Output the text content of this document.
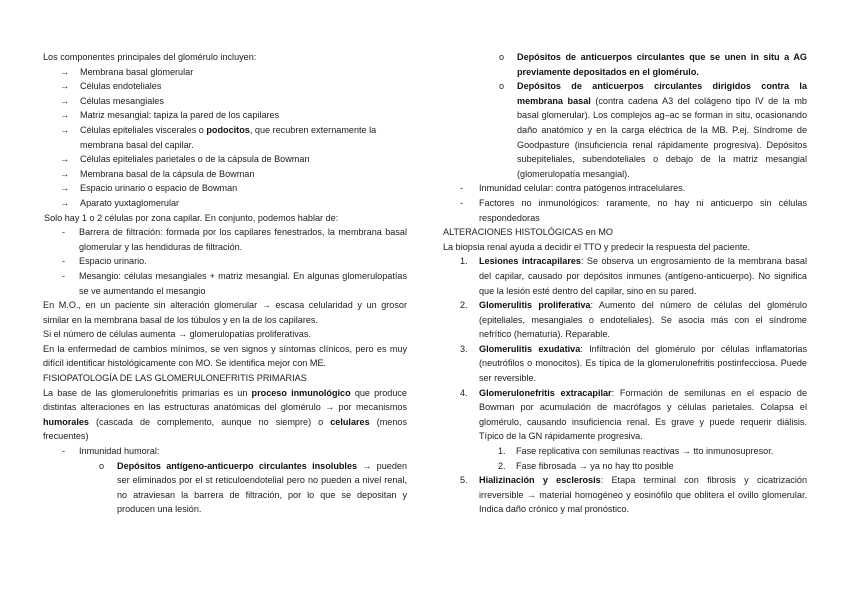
Los componentes principales del glomérulo incluyen:

→ Membrana basal glomerular
→ Células endoteliales
→ Células mesangiales
→ Matriz mesangial: tapiza la pared de los capilares
→ Células epiteliales viscerales o podocitos, que recubren externamente la membrana basal del capilar.
→ Células epiteliales parietales o de la cápsula de Bowman
→ Membrana basal de la cápsula de Bowman
→ Espacio urinario o espacio de Bowman
→ Aparato yuxtaglomerular

Solo hay 1 o 2 células por zona capilar. En conjunto, podemos hablar de:

- Barrera de filtración: formada por los capilares fenestrados, la membrana basal glomerular y las hendiduras de filtración.
- Espacio urinario.
- Mesangio: células mesangiales + matriz mesangial. En algunas glomerulopatías se ve aumentando el mesangio

En M.O., en un paciente sin alteración glomerular → escasa celularidad y un grosor similar en la membrana basal de los túbulos y en la de los capilares.

Si el número de células aumenta → glomerulopatías proliferativas.

En la enfermedad de cambios mínimos, se ven signos y síntomas clínicos, pero es muy difícil identificar histológicamente con MO. Se identifica mejor con ME.

FISIOPATOLOGÍA DE LAS GLOMERULONEFRITIS PRIMARIAS

La base de las glomerulonefritis primarias es un proceso inmunológico que produce distintas alteraciones en las estructuras anatómicas del glomérulo → por mecanismos humorales (cascada de complemento, aunque no siempre) o celulares (menos frecuentes)

- Inmunidad humoral:
o Depósitos antígeno-anticuerpo circulantes insolubles → pueden ser eliminados por el st reticuloendotelial pero no pueden a nivel renal, no atraviesan la barrera de filtración, por lo que se depositan y producen una lesión.
o Depósitos de anticuerpos circulantes que se unen in situ a AG previamente depositados en el glomérulo.
o Depósitos de anticuerpos circulantes dirigidos contra la membrana basal (contra cadena A3 del colágeno tipo IV de la mb basal glomerular). Los complejos ag–ac se forman in situ, ocasionando daño anatómico y en la carga eléctrica de la MB. P.ej. Síndrome de Goodpasture (insuficiencia renal rápidamente progresiva). Depósitos subepiteliales, subendoteliales o debajo de la matriz mesangial (glomerulopatía mesangial).
- Inmunidad celular: contra patógenos intracelulares.
- Factores no inmunológicos: raramente, no hay ni anticuerpo sin células respondedoras

ALTERACIONES HISTOLÓGICAS en MO

La biopsia renal ayuda a decidir el TTO y predecir la respuesta del paciente.

1. Lesiones intracapilares: Se observa un engrosamiento de la membrana basal del capilar, causado por depósitos inmunes (antígeno-anticuerpo). No significa que la lesión esté dentro del capilar, sino en su pared.
2. Glomerulitis proliferativa: Aumento del número de células del glomérulo (epiteliales, mesangiales o endoteliales). Se asocia más con el síndrome nefrítico (hematuria). Reparable.
3. Glomerulitis exudativa: Infiltración del glomérulo por células inflamatorias (neutrófilos o monocitos). Es típica de la glomerulonefritis postinfecciosa. Puede ser reversible.
4. Glomerulonefritis extracapilar: Formación de semilunas en el espacio de Bowman por acumulación de macrófagos y células parietales. Colapsa el glomérulo, causando insuficiencia renal. Es grave y puede requerir diálisis. Típico de la GN rápidamente progresiva.
1. Fase replicativa con semilunas reactivas → tto inmunosupresor.
2. Fase fibrosada → ya no hay tto posible
5. Hializinación y esclerosis: Etapa terminal con fibrosis y cicatrización irreversible → material homogéneo y eosinófilo que oblitera el ovillo glomerular. Indica daño crónico y mal pronóstico.
